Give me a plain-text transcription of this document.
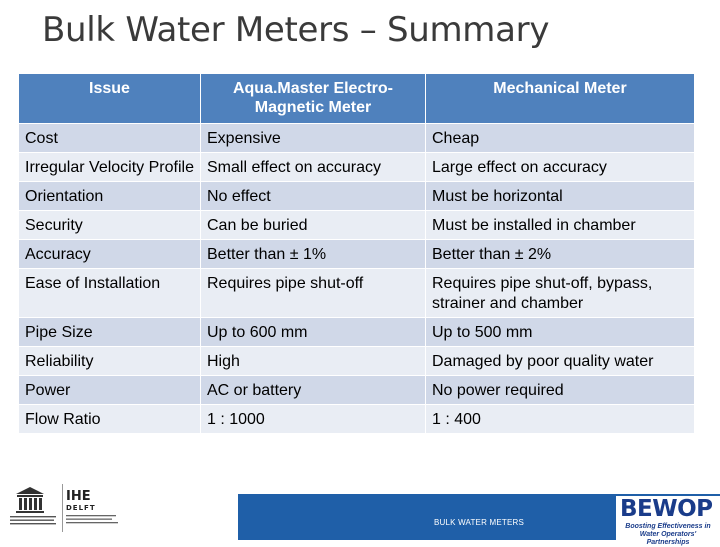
Bulk Water Meters – Summary
Issue	Aqua.Master Electro-Magnetic Meter	Mechanical Meter
Cost	Expensive	Cheap
Irregular Velocity Profile	Small effect on accuracy	Large effect on accuracy
Orientation	No effect	Must be horizontal
Security	Can be buried	Must be installed in chamber
Accuracy	Better than ± 1%	Better than ± 2%
Ease of Installation	Requires pipe shut-off	Requires pipe shut-off, bypass, strainer and chamber
Pipe Size	Up to 600 mm	Up to 500 mm
Reliability	High	Damaged by poor quality water
Power	AC or battery	No power required
Flow Ratio	1 : 1000	1 : 400
IHE
DELFT
BULK WATER METERS
BEWOP
Boosting Effectiveness in Water Operators' Partnerships
